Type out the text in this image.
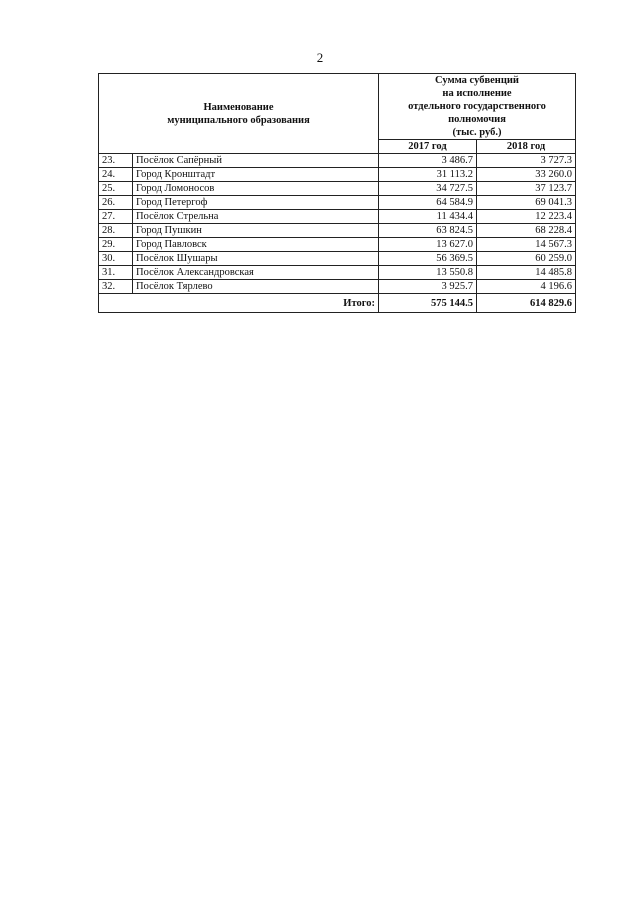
2
Наименование
муниципального образования		Сумма субвенций
на исполнение
отдельного государственного
полномочия
(тыс. руб.)	

		2017 год	2018 год
23.	Посёлок Сапёрный	3 486.7	3 727.3
24.	Город Кронштадт	31 113.2	33 260.0
25.	Город Ломоносов	34 727.5	37 123.7
26.	Город Петергоф	64 584.9	69 041.3
27.	Посёлок Стрельна	11 434.4	12 223.4
28.	Город Пушкин	63 824.5	68 228.4
29.	Город Павловск	13 627.0	14 567.3
30.	Посёлок Шушары	56 369.5	60 259.0
31.	Посёлок Александровская	13 550.8	14 485.8
32.	Посёлок Тярлево	3 925.7	4 196.6
Итого:		575 144.5	614 829.6
